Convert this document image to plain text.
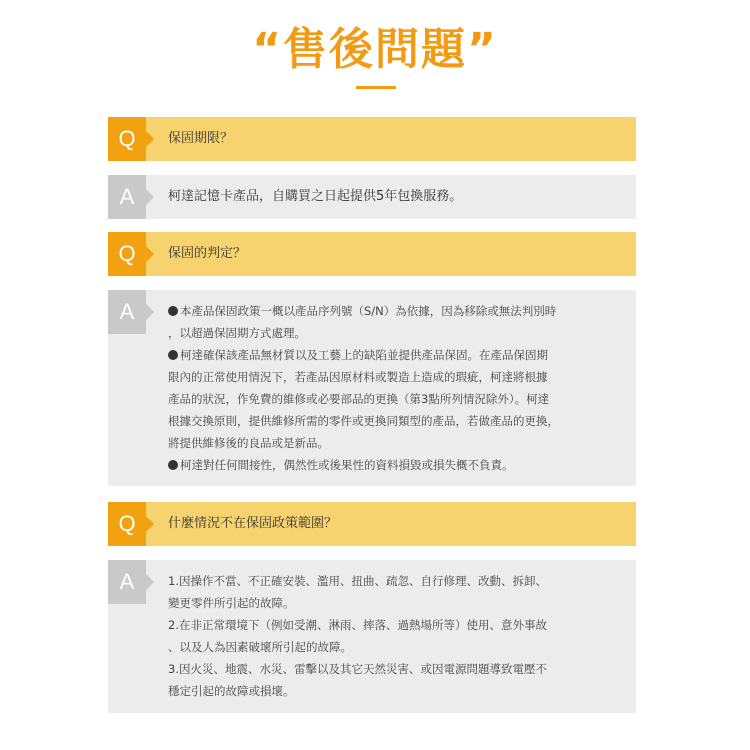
“售後問題”
Q	保固期限？
A	柯達記憶卡產品，自購買之日起提供5年包換服務。
Q	保固的判定？
A	本產品保固政策一概以產品序列號（S/N）為依據，因為移除或無法判別時
，以超過保固期方式處理。
柯達確保該產品無材質以及工藝上的缺陷並提供產品保固。在產品保固期
限內的正常使用情況下，若產品因原材料或製造上造成的瑕疵，柯達將根據
產品的狀況，作免費的維修或必要部品的更換（第3點所列情況除外）。柯達
根據交換原則，提供維修所需的零件或更換同類型的產品，若做產品的更換，
將提供維修後的良品或是新品。
柯達對任何間接性，偶然性或後果性的資料損毀或損失概不負責。
Q	什麼情況不在保固政策範圍？
A	1.因操作不當、不正確安裝、濫用、扭曲、疏忽、自行修理、改動、拆卸、
變更零件所引起的故障。
2.在非正常環境下（例如受潮、淋雨、摔落、過熱場所等）使用、意外事故
、以及人為因素破壞所引起的故障。
3.因火災、地震、水災、雷擊以及其它天然災害、或因電源問題導致電壓不
穩定引起的故障或損壞。
